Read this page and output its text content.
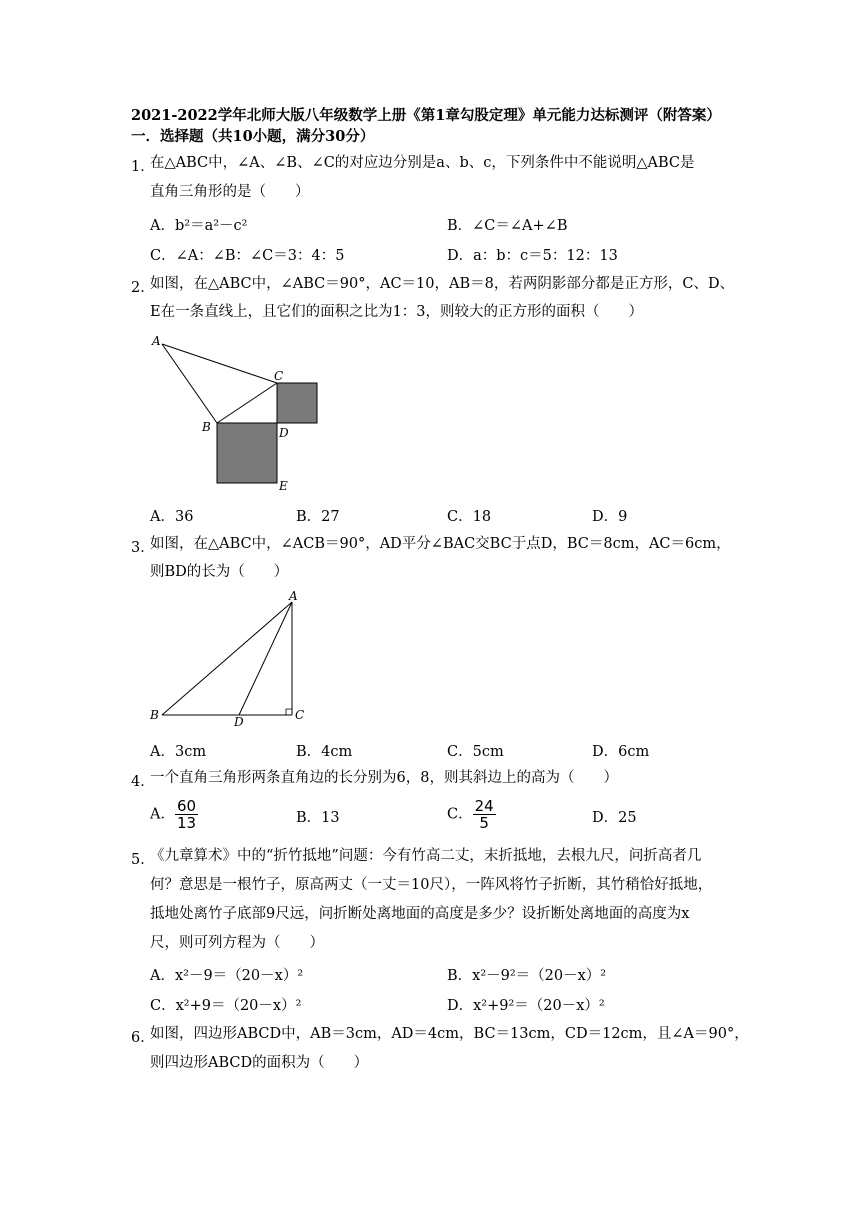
2021-2022学年北师大版八年级数学上册《第1章勾股定理》单元能力达标测评（附答案）
一．选择题（共10小题，满分30分）
1．
在△ABC中，∠A、∠B、∠C的对应边分别是a、b、c，下列条件中不能说明△ABC是
直角三角形的是（　　）
A．b²＝a²－c²	B．∠C＝∠A+∠B
C．∠A：∠B：∠C＝3：4：5	D．a：b：c＝5：12：13
2．
如图，在△ABC中，∠ABC＝90°，AC＝10，AB＝8，若两阴影部分都是正方形，C、D、
E在一条直线上，且它们的面积之比为1：3，则较大的正方形的面积（　　）
A
C
B	D
E
A．36	B．27	C．18	D．9
3．
如图，在△ABC中，∠ACB＝90°，AD平分∠BAC交BC于点D，BC＝8cm，AC＝6cm，
则BD的长为（　　）
A
B	D	C
A．3cm	B．4cm	C．5cm	D．6cm
4．
一个直角三角形两条直角边的长分别为6，8，则其斜边上的高为（　　）
A． $\frac{60}{13}$	B．13	C． $\frac{24}{5}$	D．25
5．
《九章算术》中的“折竹抵地”问题：今有竹高二丈，末折抵地，去根九尺，问折高者几
何？意思是一根竹子，原高两丈（一丈＝10尺），一阵风将竹子折断，其竹稍恰好抵地，
抵地处离竹子底部9尺远，问折断处离地面的高度是多少？设折断处离地面的高度为x
尺，则可列方程为（　　）
A．x²－9＝（20－x）²	B．x²－9²＝（20－x）²
C．x²+9＝（20－x）²	D．x²+9²＝（20－x）²
6．
如图，四边形ABCD中，AB＝3cm，AD＝4cm，BC＝13cm，CD＝12cm，且∠A＝90°，
则四边形ABCD的面积为（　　）
